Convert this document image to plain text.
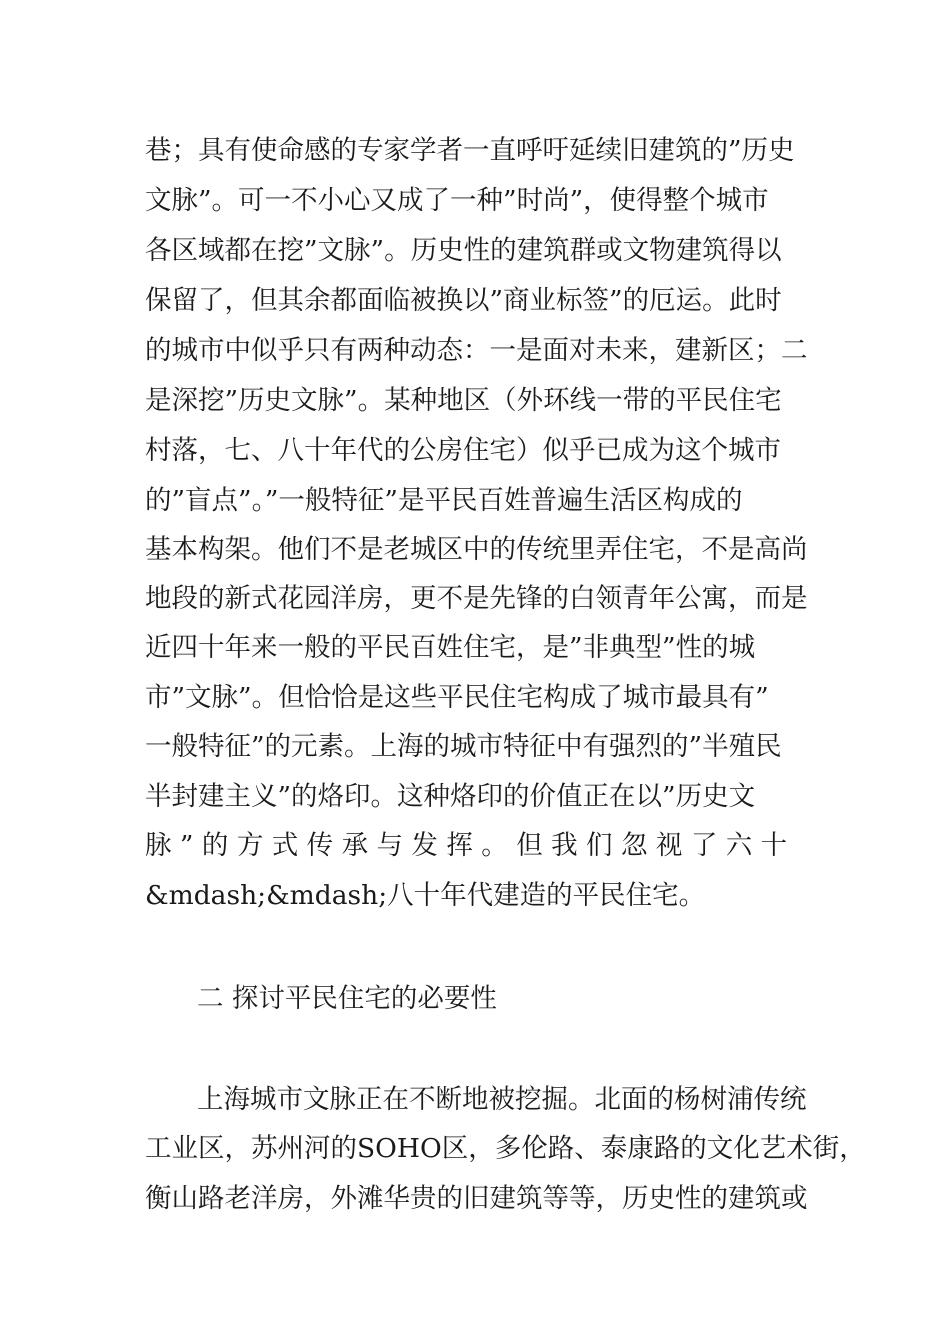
巷；具有使命感的专家学者一直呼吁延续旧建筑的”历史
文脉”。可一不小心又成了一种”时尚”，使得整个城市
各区域都在挖”文脉”。历史性的建筑群或文物建筑得以
保留了，但其余都面临被换以”商业标签”的厄运。此时
的城市中似乎只有两种动态：一是面对未来，建新区；二
是深挖”历史文脉”。某种地区（外环线一带的平民住宅
村落，七、八十年代的公房住宅）似乎已成为这个城市
的”盲点”。”一般特征”是平民百姓普遍生活区构成的
基本构架。他们不是老城区中的传统里弄住宅，不是高尚
地段的新式花园洋房，更不是先锋的白领青年公寓，而是
近四十年来一般的平民百姓住宅，是”非典型”性的城
市”文脉”。但恰恰是这些平民住宅构成了城市最具有”
一般特征”的元素。上海的城市特征中有强烈的”半殖民
半封建主义”的烙印。这种烙印的价值正在以”历史文
脉 ” 的 方 式 传 承 与 发 挥 。 但 我 们 忽 视 了 六 十
&mdash;&mdash;八十年代建造的平民住宅。
二 探讨平民住宅的必要性
上海城市文脉正在不断地被挖掘。北面的杨树浦传统
工业区，苏州河的SOHO区，多伦路、泰康路的文化艺术街，
衡山路老洋房，外滩华贵的旧建筑等等，历史性的建筑或
